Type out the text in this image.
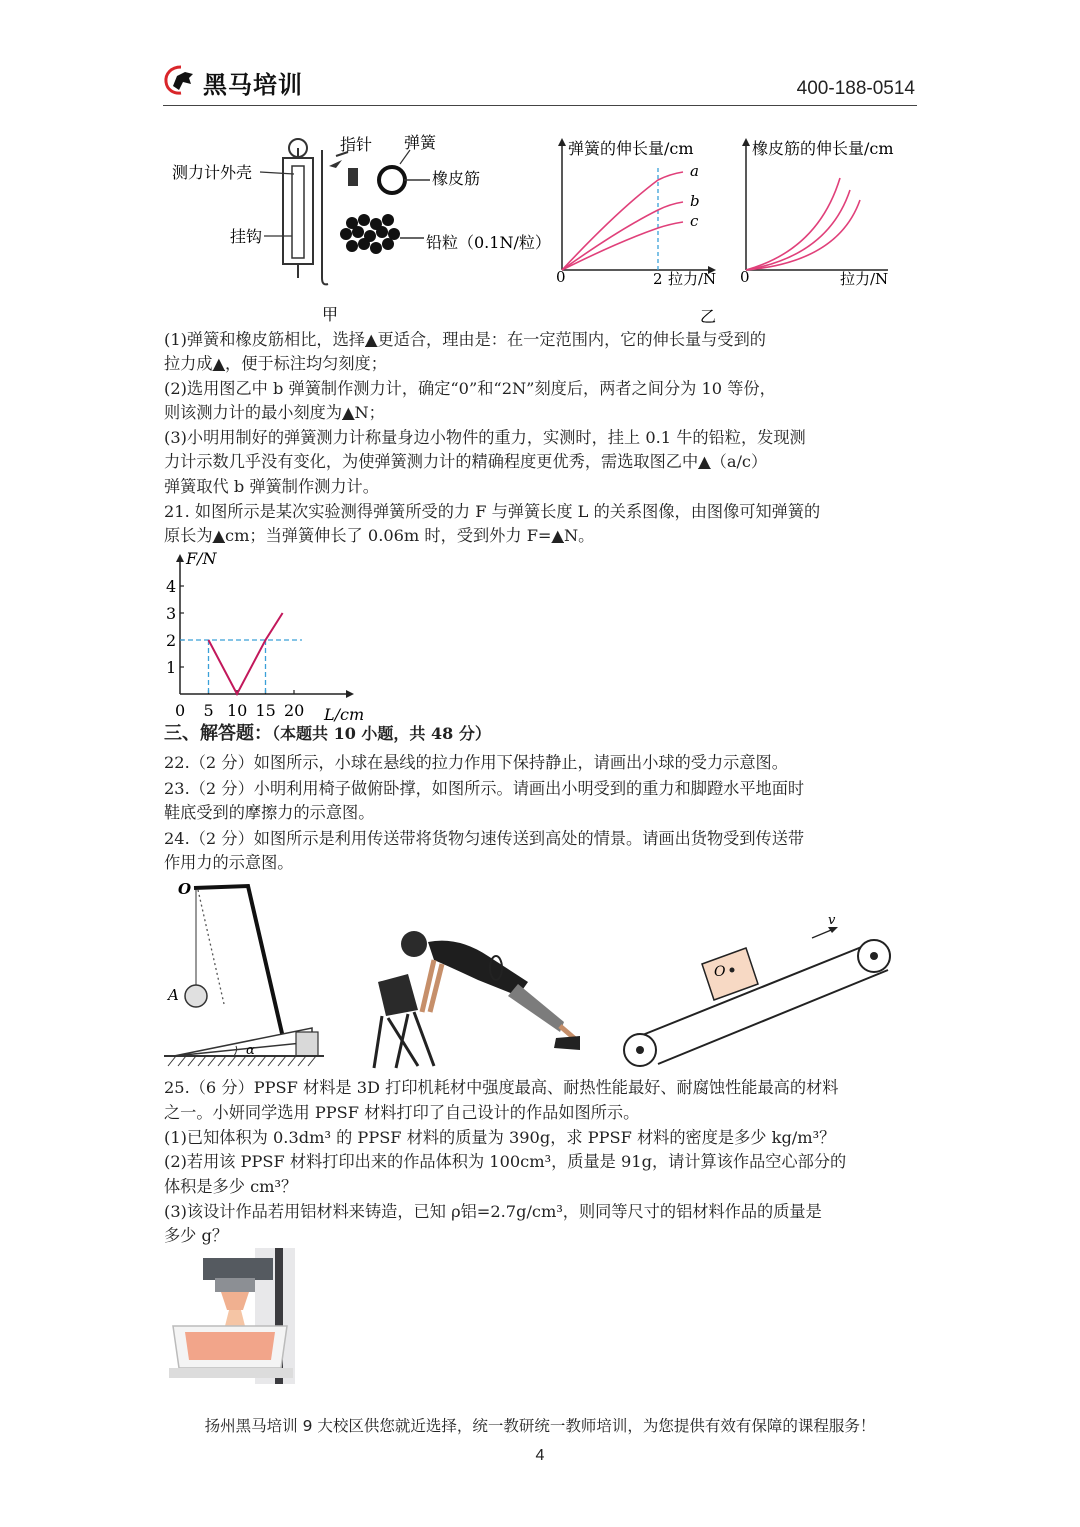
黑马培训	400-188-0514
指针 弹簧
测力计外壳	橡皮筋
挂钩	铅粒（0.1N/粒）
甲
弹簧的伸长量/cm
a
b
c
0	2 拉力/N
橡皮筋的伸长量/cm
0	拉力/N
乙
(1)弹簧和橡皮筋相比，选择▲更适合，理由是：在一定范围内，它的伸长量与受到的
拉力成▲，便于标注均匀刻度；
(2)选用图乙中 b 弹簧制作测力计，确定“0”和“2N”刻度后，两者之间分为 10 等份，
则该测力计的最小刻度为▲N；
(3)小明用制好的弹簧测力计称量身边小物件的重力，实测时，挂上 0.1 牛的铅粒，发现测
力计示数几乎没有变化，为使弹簧测力计的精确程度更优秀，需选取图乙中▲（a/c）
弹簧取代 b 弹簧制作测力计。
21. 如图所示是某次实验测得弹簧所受的力 F 与弹簧长度 L 的关系图像，由图像可知弹簧的
原长为▲cm；当弹簧伸长了 0.06m 时，受到外力 F=▲N。
1
2
3
4
0 5 10 15 20
F/N
L/cm
三、解答题：（本题共 10 小题，共 48 分）
22.（2 分）如图所示，小球在悬线的拉力作用下保持静止，请画出小球的受力示意图。
23.（2 分）小明利用椅子做俯卧撑，如图所示。请画出小明受到的重力和脚蹬水平地面时
鞋底受到的摩擦力的示意图。
24.（2 分）如图所示是利用传送带将货物匀速传送到高处的情景。请画出货物受到传送带
作用力的示意图。
O
A
α
v
O
25.（6 分）PPSF 材料是 3D 打印机耗材中强度最高、耐热性能最好、耐腐蚀性能最高的材料
之一。小妍同学选用 PPSF 材料打印了自己设计的作品如图所示。
(1)已知体积为 0.3dm³ 的 PPSF 材料的质量为 390g，求 PPSF 材料的密度是多少 kg/m³？
(2)若用该 PPSF 材料打印出来的作品体积为 100cm³，质量是 91g，请计算该作品空心部分的
体积是多少 cm³？
(3)该设计作品若用铝材料来铸造，已知 ρ铝=2.7g/cm³，则同等尺寸的铝材料作品的质量是
多少 g？
扬州黑马培训 9 大校区供您就近选择，统一教研统一教师培训，为您提供有效有保障的课程服务！
4
